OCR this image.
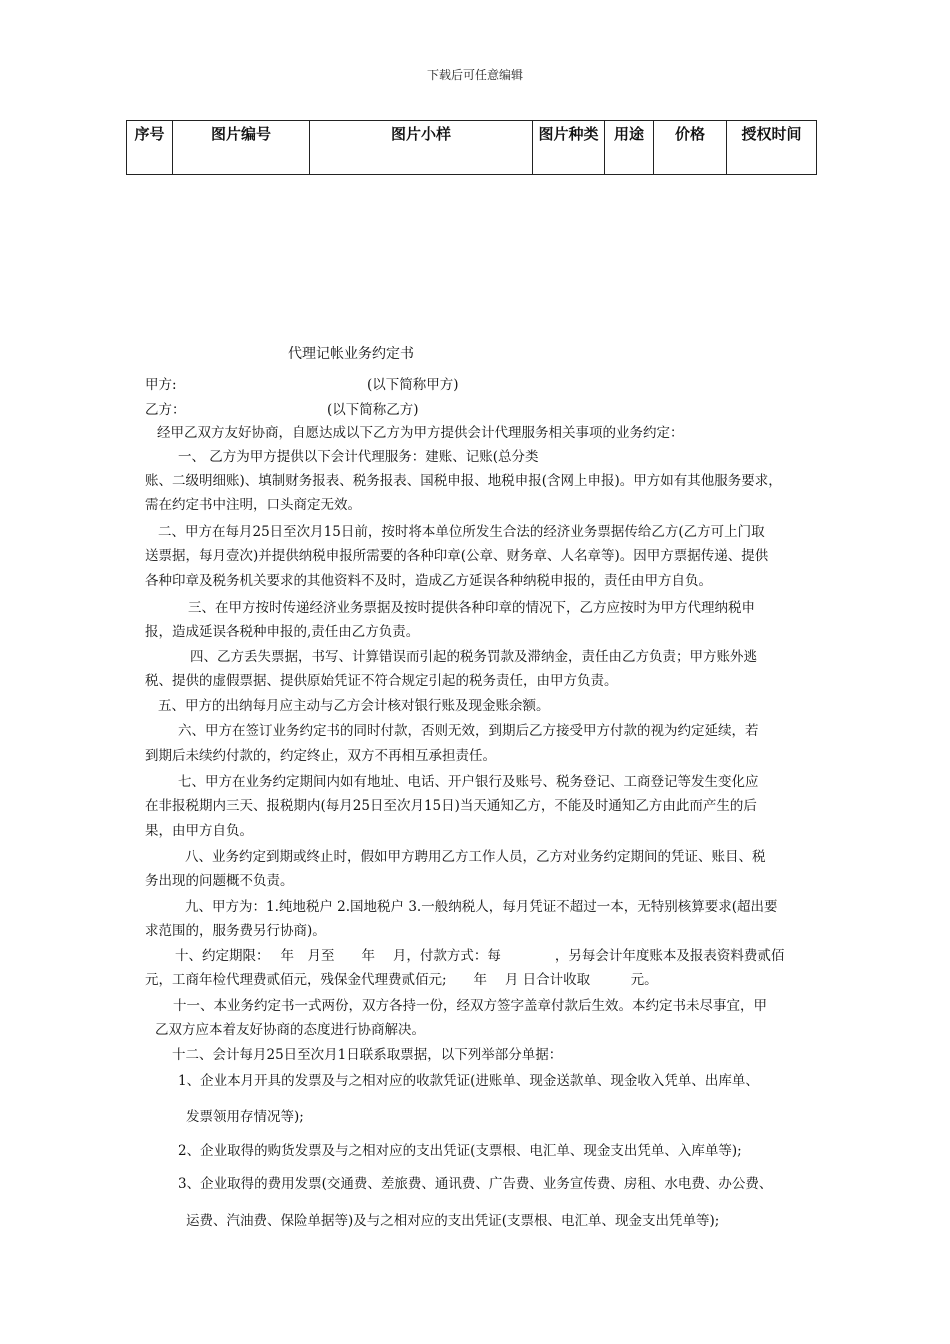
下载后可任意编辑
序号	图片编号	图片小样	图片种类	用途	价格	授权时间
代理记帐业务约定书
甲方:	(以下简称甲方)
乙方：	(以下简称乙方)
经甲乙双方友好协商，自愿达成以下乙方为甲方提供会计代理服务相关事项的业务约定：
一、 乙方为甲方提供以下会计代理服务：建账、记账(总分类
账、二级明细账)、填制财务报表、税务报表、国税申报、地税申报(含网上申报)。甲方如有其他服务要求，
需在约定书中注明，口头商定无效。
二、甲方在每月25日至次月15日前，按时将本单位所发生合法的经济业务票据传给乙方(乙方可上门取
送票据，每月壹次)并提供纳税申报所需要的各种印章(公章、财务章、人名章等)。因甲方票据传递、提供
各种印章及税务机关要求的其他资料不及时，造成乙方延误各种纳税申报的，责任由甲方自负。
三、在甲方按时传递经济业务票据及按时提供各种印章的情况下，乙方应按时为甲方代理纳税申
报，造成延误各税种申报的,责任由乙方负责。
四、乙方丢失票据，书写、计算错误而引起的税务罚款及滞纳金，责任由乙方负责；甲方账外逃
税、提供的虚假票据、提供原始凭证不符合规定引起的税务责任，由甲方负责。
五、甲方的出纳每月应主动与乙方会计核对银行账及现金账余额。
六、甲方在签订业务约定书的同时付款，否则无效，到期后乙方接受甲方付款的视为约定延续，若
到期后未续约付款的，约定终止，双方不再相互承担责任。
七、甲方在业务约定期间内如有地址、电话、开户银行及账号、税务登记、工商登记等发生变化应
在非报税期内三天、报税期内(每月25日至次月15日)当天通知乙方，不能及时通知乙方由此而产生的后
果，由甲方自负。
八、业务约定到期或终止时，假如甲方聘用乙方工作人员，乙方对业务约定期间的凭证、账目、税
务出现的问题概不负责。
九、甲方为：1.纯地税户 2.国地税户 3.一般纳税人，每月凭证不超过一本，无特别核算要求(超出要
求范围的，服务费另行协商)。
十、约定期限：　 年　月至　　年　 月，付款方式：每　　　　，另每会计年度账本及报表资料费贰佰
元，工商年检代理费贰佰元，残保金代理费贰佰元;　　年　 月 日合计收取　　　元。
十一、本业务约定书一式两份，双方各持一份，经双方签字盖章付款后生效。本约定书未尽事宜，甲
乙双方应本着友好协商的态度进行协商解决。
十二、会计每月25日至次月1日联系取票据，以下列举部分单据：
1、企业本月开具的发票及与之相对应的收款凭证(进账单、现金送款单、现金收入凭单、出库单、
发票领用存情况等);
2、企业取得的购货发票及与之相对应的支出凭证(支票根、电汇单、现金支出凭单、入库单等);
3、企业取得的费用发票(交通费、差旅费、通讯费、广告费、业务宣传费、房租、水电费、办公费、
运费、汽油费、保险单据等)及与之相对应的支出凭证(支票根、电汇单、现金支出凭单等);
